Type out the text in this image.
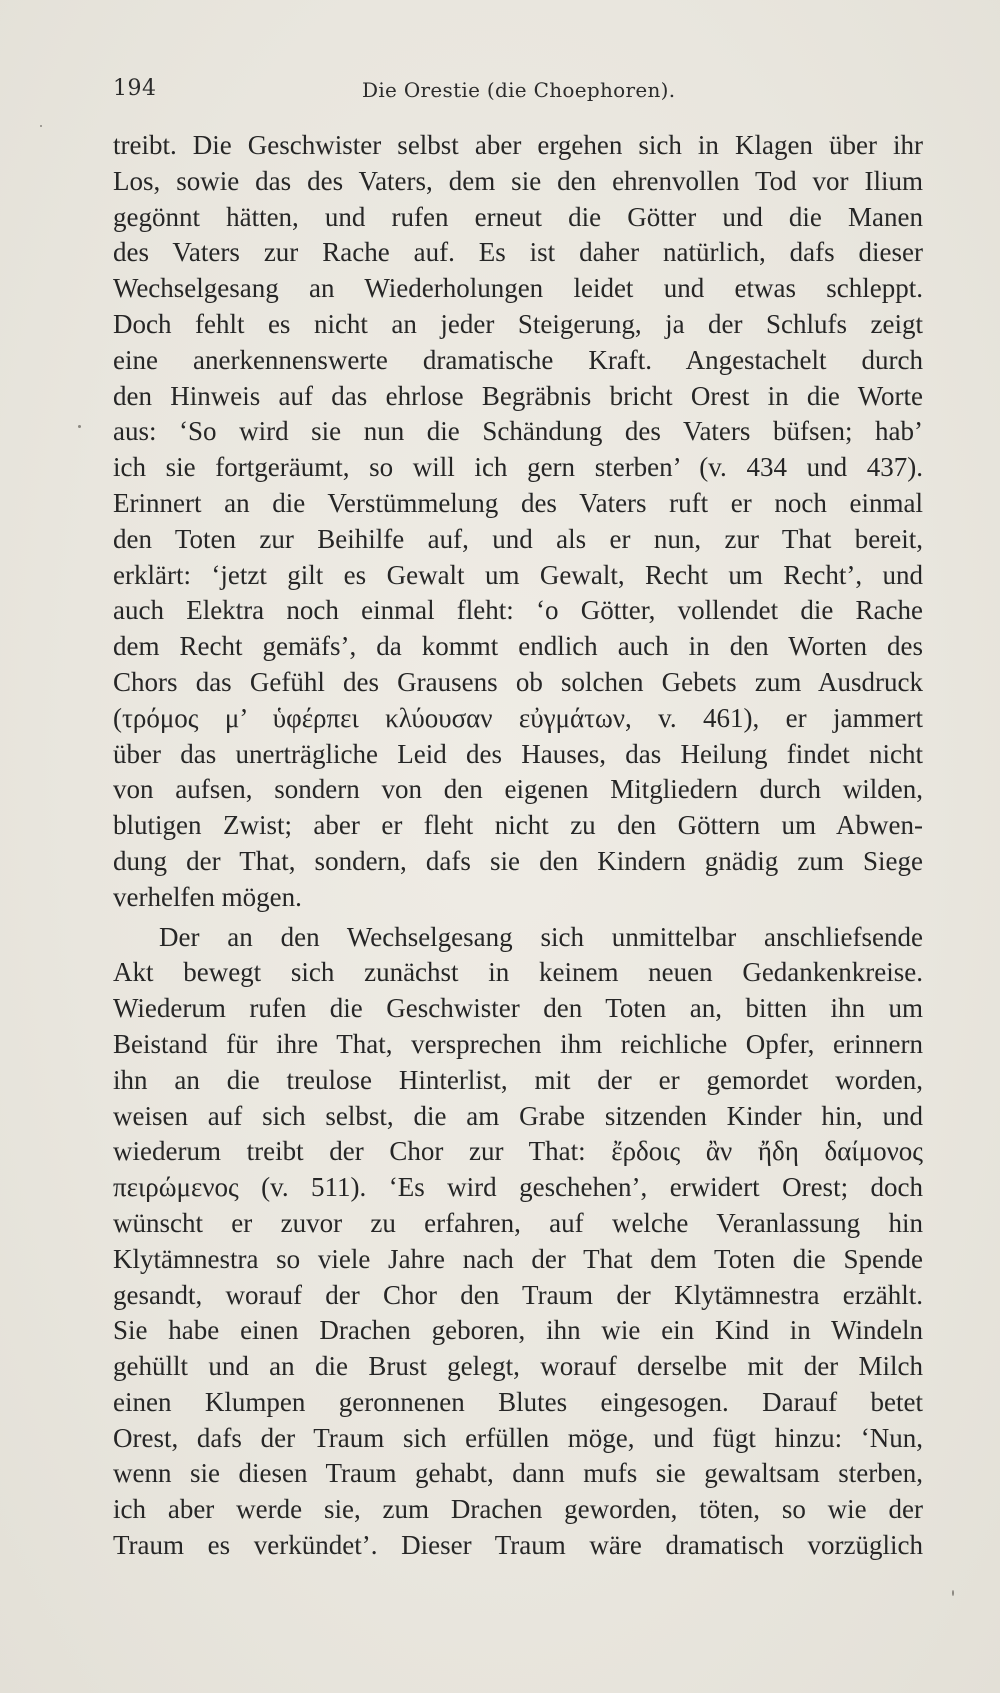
194	Die Orestie (die Choephoren).
treibt. Die Geschwister selbst aber ergehen sich in Klagen über ihr
Los, sowie das des Vaters, dem sie den ehrenvollen Tod vor Ilium
gegönnt hätten, und rufen erneut die Götter und die Manen
des Vaters zur Rache auf. Es ist daher natürlich, dafs dieser
Wechselgesang an Wiederholungen leidet und etwas schleppt.
Doch fehlt es nicht an jeder Steigerung, ja der Schlufs zeigt
eine anerkennenswerte dramatische Kraft. Angestachelt durch
den Hinweis auf das ehrlose Begräbnis bricht Orest in die Worte
aus: ‘So wird sie nun die Schändung des Vaters büfsen; hab’
ich sie fortgeräumt, so will ich gern sterben’ (v. 434 und 437).
Erinnert an die Verstümmelung des Vaters ruft er noch einmal
den Toten zur Beihilfe auf, und als er nun, zur That bereit,
erklärt: ‘jetzt gilt es Gewalt um Gewalt, Recht um Recht’, und
auch Elektra noch einmal fleht: ‘o Götter, vollendet die Rache
dem Recht gemäfs’, da kommt endlich auch in den Worten des
Chors das Gefühl des Grausens ob solchen Gebets zum Ausdruck
(τρόμος μ’ ὑφέρπει κλύουσαν εὐγμάτων, v. 461), er jammert
über das unerträgliche Leid des Hauses, das Heilung findet nicht
von aufsen, sondern von den eigenen Mitgliedern durch wilden,
blutigen Zwist; aber er fleht nicht zu den Göttern um Abwen-
dung der That, sondern, dafs sie den Kindern gnädig zum Siege
verhelfen mögen.
Der an den Wechselgesang sich unmittelbar anschliefsende
Akt bewegt sich zunächst in keinem neuen Gedankenkreise.
Wiederum rufen die Geschwister den Toten an, bitten ihn um
Beistand für ihre That, versprechen ihm reichliche Opfer, erinnern
ihn an die treulose Hinterlist, mit der er gemordet worden,
weisen auf sich selbst, die am Grabe sitzenden Kinder hin, und
wiederum treibt der Chor zur That: ἔρδοις ἂν ἤδη δαίμονος
πειρώμενος (v. 511). ‘Es wird geschehen’, erwidert Orest; doch
wünscht er zuvor zu erfahren, auf welche Veranlassung hin
Klytämnestra so viele Jahre nach der That dem Toten die Spende
gesandt, worauf der Chor den Traum der Klytämnestra erzählt.
Sie habe einen Drachen geboren, ihn wie ein Kind in Windeln
gehüllt und an die Brust gelegt, worauf derselbe mit der Milch
einen Klumpen geronnenen Blutes eingesogen. Darauf betet
Orest, dafs der Traum sich erfüllen möge, und fügt hinzu: ‘Nun,
wenn sie diesen Traum gehabt, dann mufs sie gewaltsam sterben,
ich aber werde sie, zum Drachen geworden, töten, so wie der
Traum es verkündet’. Dieser Traum wäre dramatisch vorzüglich
